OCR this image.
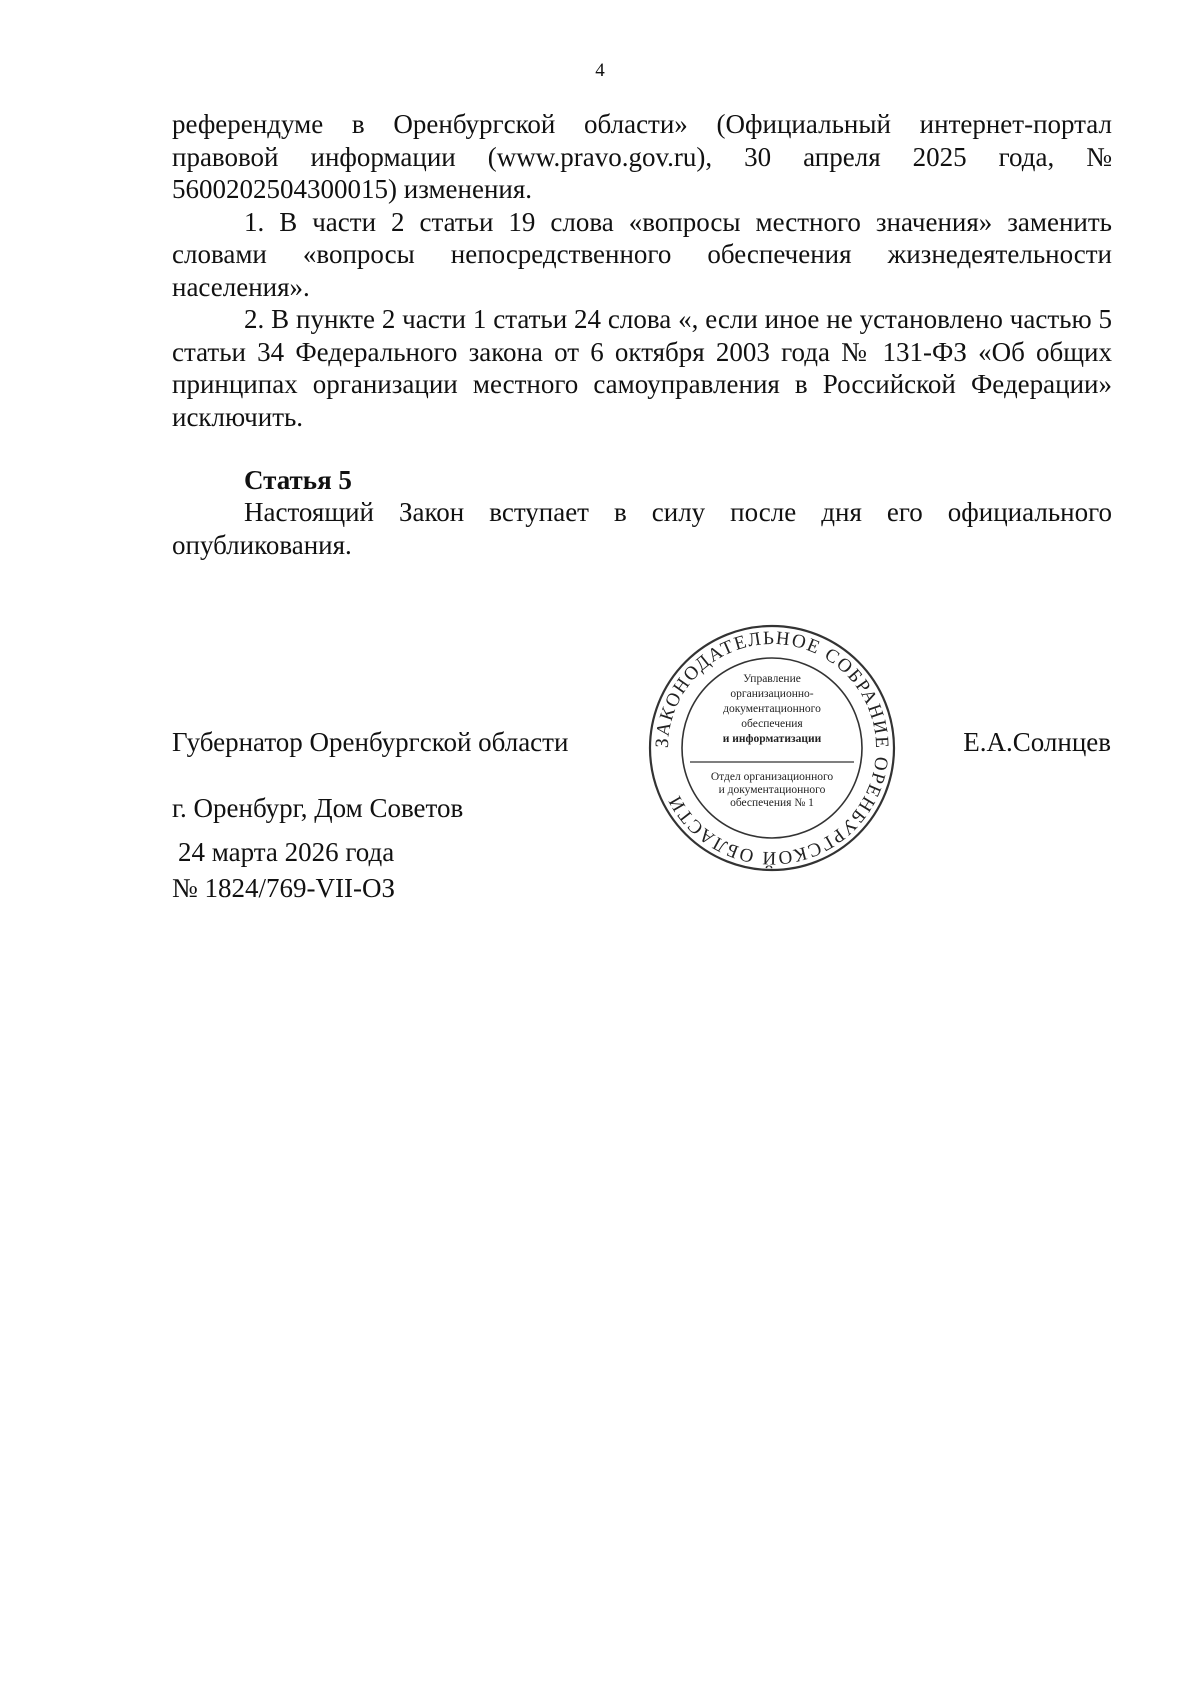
4

референдуме в Оренбургской области» (Официальный интернет-портал правовой информации (www.pravo.gov.ru), 30 апреля 2025 года, № 5600202504300015) изменения.

1. В части 2 статьи 19 слова «вопросы местного значения» заменить словами «вопросы непосредственного обеспечения жизнедеятельности населения».

2. В пункте 2 части 1 статьи 24 слова «, если иное не установлено частью 5 статьи 34 Федерального закона от 6 октября 2003 года № 131-ФЗ «Об общих принципах организации местного самоуправления в Российской Федерации» исключить.

Статья 5

Настоящий Закон вступает в силу после дня его официального опубликования.

Губернатор Оренбургской области	Е.А.Солнцев
г. Оренбург, Дом Советов
24 марта 2026 года
№ 1824/769-VII-ОЗ
ЗАКОНОДАТЕЛЬНОЕ СОБРАНИЕ ОРЕНБУРГСКОЙ ОБЛАСТИ
Управление
организационно-
документационного
обеспечения
и информатизации
Отдел организационного
и документационного
обеспечения № 1
